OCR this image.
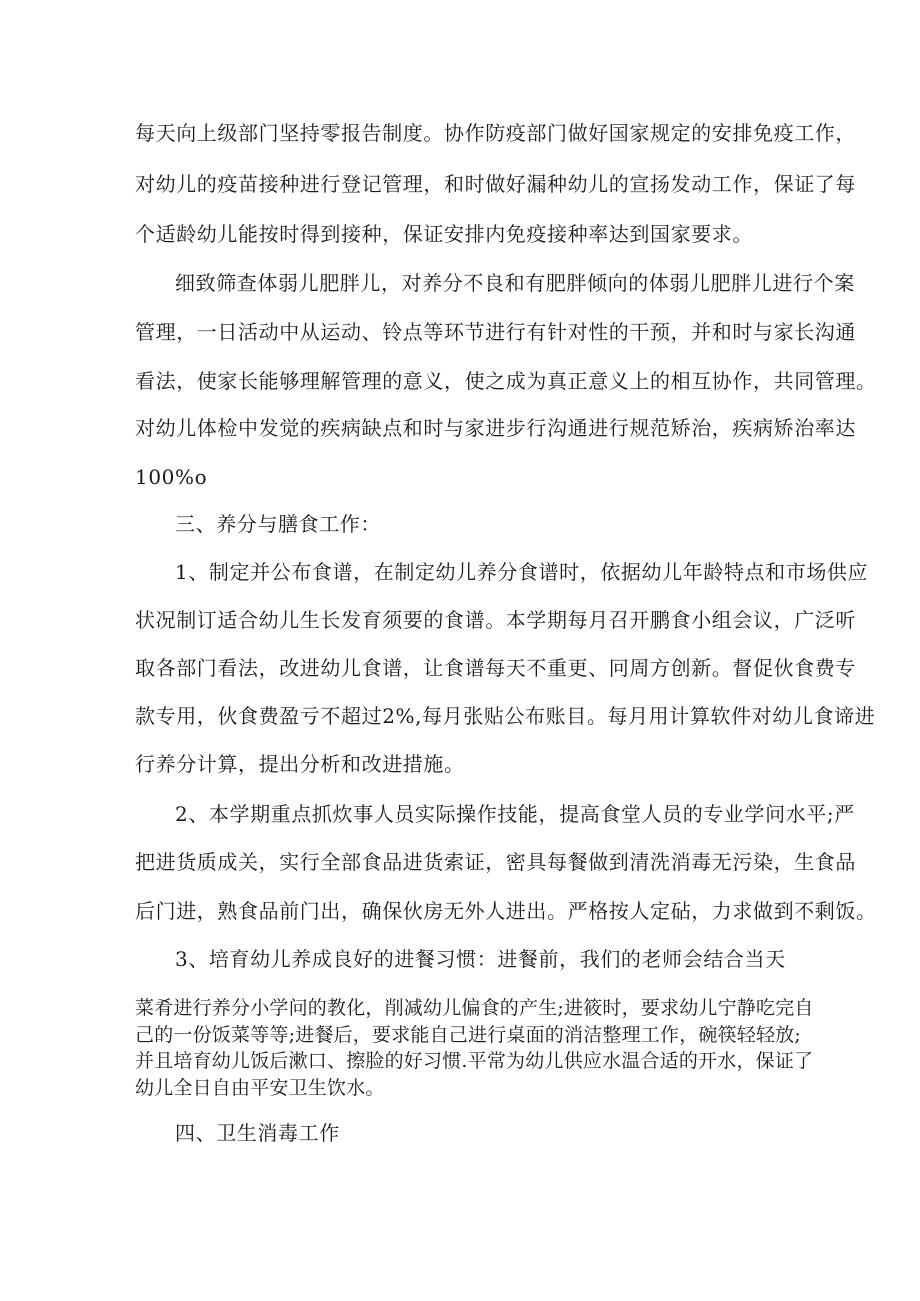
每天向上级部门坚持零报告制度。协作防疫部门做好国家规定的安排免疫工作，
对幼儿的疫苗接种进行登记管理，和时做好漏种幼儿的宣扬发动工作，保证了每
个适龄幼儿能按时得到接种，保证安排内免疫接种率达到国家要求。
细致筛查体弱儿肥胖儿，对养分不良和有肥胖倾向的体弱儿肥胖儿进行个案
管理，一日活动中从运动、铃点等环节进行有针对性的干预，并和时与家长沟通
看法，使家长能够理解管理的意义，使之成为真正意义上的相互协作，共同管理。
对幼儿体检中发觉的疾病缺点和时与家进步行沟通进行规范矫治，疾病矫治率达
100%o
三、养分与膳食工作：
1、制定并公布食谱，在制定幼儿养分食谱时，依据幼儿年龄特点和市场供应
状况制订适合幼儿生长发育须要的食谱。本学期每月召开鹏食小组会议，广泛听
取各部门看法，改进幼儿食谱，让食谱每天不重更、冋周方创新。督促伙食费专
款专用，伙食费盈亏不超过2%,每月张贴公布账目。每月用计算软件对幼儿食谛进
行养分计算，提出分析和改进措施。
2、本学期重点抓炊事人员实际操作技能，提高食堂人员的专业学问水平;严
把进货质成关，实行全部食品进货索证，密具每餐做到清洗消毒无污染，生食品
后门进，熟食品前门出，确保伙房无外人进出。严格按人定砧，力求做到不剩饭。
3、培育幼儿养成良好的进餐习惯：进餐前，我们的老师会结合当天
菜肴进行养分小学问的教化，削减幼儿偏食的产生;进筱时，要求幼儿宁静吃完自
己的一份饭菜等等;进餐后，要求能自己进行桌面的消洁整理工作，碗筷轻轻放;
并且培育幼儿饭后漱口、擦脸的好习惯.平常为幼儿供应水温合适的开水，保证了
幼儿全日自由平安卫生饮水。
四、卫生消毒工作
